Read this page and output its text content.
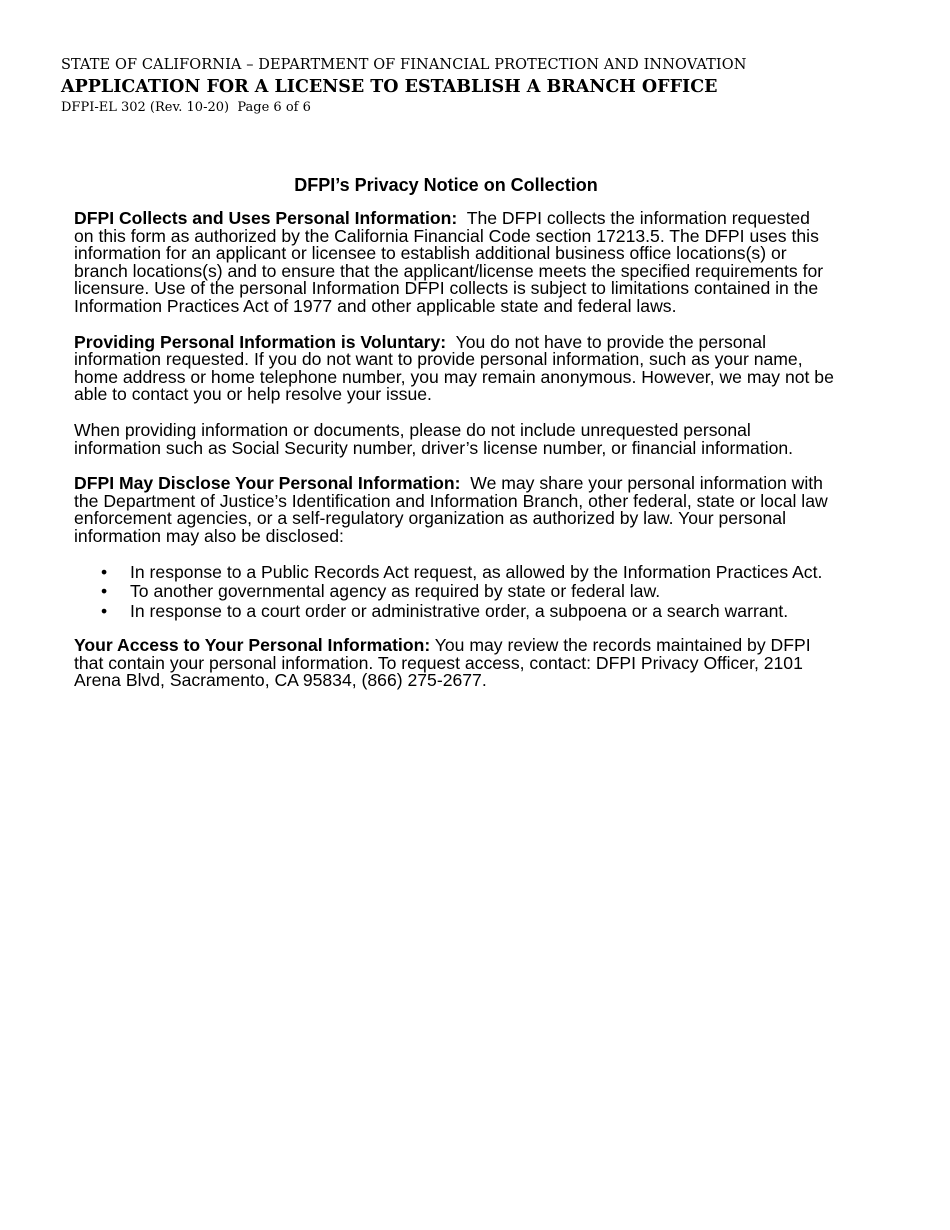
STATE OF CALIFORNIA – DEPARTMENT OF FINANCIAL PROTECTION AND INNOVATION
APPLICATION FOR A LICENSE TO ESTABLISH A BRANCH OFFICE
DFPI-EL 302 (Rev. 10-20)  Page 6 of 6
DFPI’s Privacy Notice on Collection

DFPI Collects and Uses Personal Information: The DFPI collects the information requested on this form as authorized by the California Financial Code section 17213.5. The DFPI uses this information for an applicant or licensee to establish additional business office locations(s) or branch locations(s) and to ensure that the applicant/license meets the specified requirements for licensure. Use of the personal Information DFPI collects is subject to limitations contained in the Information Practices Act of 1977 and other applicable state and federal laws.

Providing Personal Information is Voluntary: You do not have to provide the personal information requested. If you do not want to provide personal information, such as your name, home address or home telephone number, you may remain anonymous. However, we may not be able to contact you or help resolve your issue.

When providing information or documents, please do not include unrequested personal information such as Social Security number, driver’s license number, or financial information.

DFPI May Disclose Your Personal Information: We may share your personal information with the Department of Justice’s Identification and Information Branch, other federal, state or local law enforcement agencies, or a self-regulatory organization as authorized by law. Your personal information may also be disclosed:

• In response to a Public Records Act request, as allowed by the Information Practices Act.
• To another governmental agency as required by state or federal law.
• In response to a court order or administrative order, a subpoena or a search warrant.

Your Access to Your Personal Information: You may review the records maintained by DFPI that contain your personal information. To request access, contact: DFPI Privacy Officer, 2101 Arena Blvd, Sacramento, CA 95834, (866) 275-2677.
